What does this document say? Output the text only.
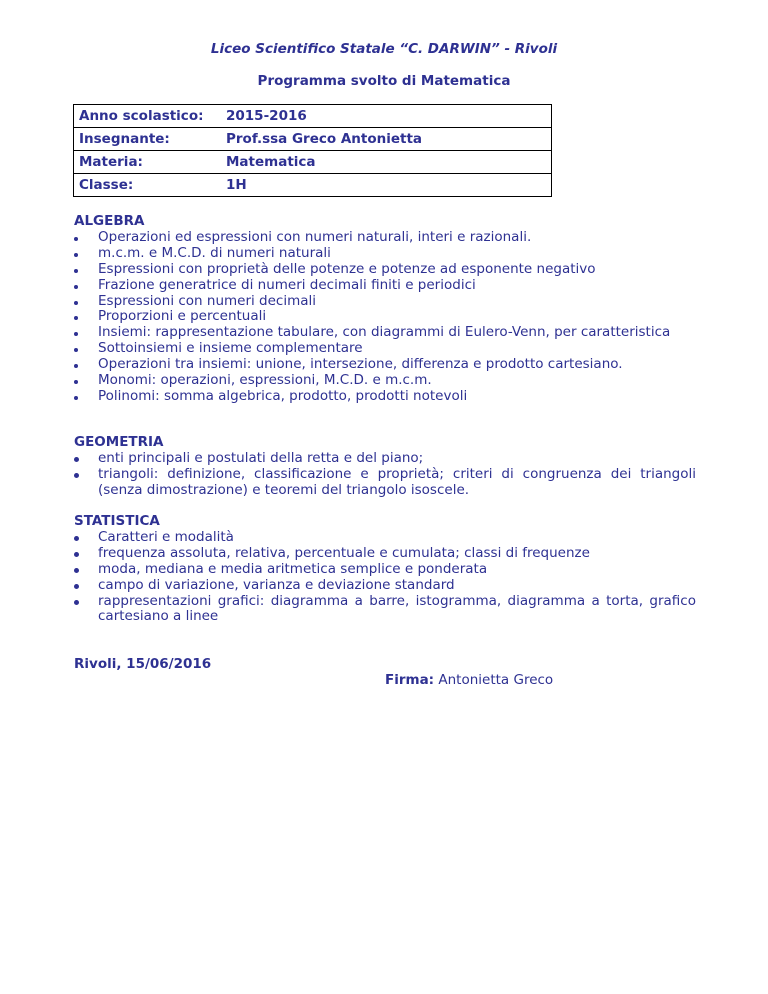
Liceo Scientifico Statale “C. DARWIN” - Rivoli
Programma svolto di Matematica
Anno scolastico:	2015-2016
Insegnante:	Prof.ssa Greco Antonietta
Materia:	Matematica
Classe:	1H
ALGEBRA
Operazioni ed espressioni con numeri naturali, interi e razionali.
m.c.m. e M.C.D. di numeri naturali
Espressioni con proprietà delle potenze e potenze ad esponente negativo
Frazione generatrice di numeri decimali finiti e periodici
Espressioni con numeri decimali
Proporzioni e percentuali
Insiemi: rappresentazione tabulare, con diagrammi di Eulero-Venn, per caratteristica
Sottoinsiemi e insieme complementare
Operazioni tra insiemi: unione, intersezione, differenza e prodotto cartesiano.
Monomi: operazioni, espressioni, M.C.D. e m.c.m.
Polinomi: somma algebrica, prodotto, prodotti notevoli
GEOMETRIA
enti principali e postulati della retta e del piano;
triangoli: definizione, classificazione e proprietà; criteri di congruenza dei triangoli (senza dimostrazione) e teoremi del triangolo isoscele.
STATISTICA
Caratteri e modalità
frequenza assoluta, relativa, percentuale e cumulata; classi di frequenze
moda, mediana e media aritmetica semplice e ponderata
campo di variazione, varianza e deviazione standard
rappresentazioni grafici: diagramma a barre, istogramma, diagramma a torta, grafico cartesiano a linee
Rivoli, 15/06/2016
Firma: Antonietta Greco
